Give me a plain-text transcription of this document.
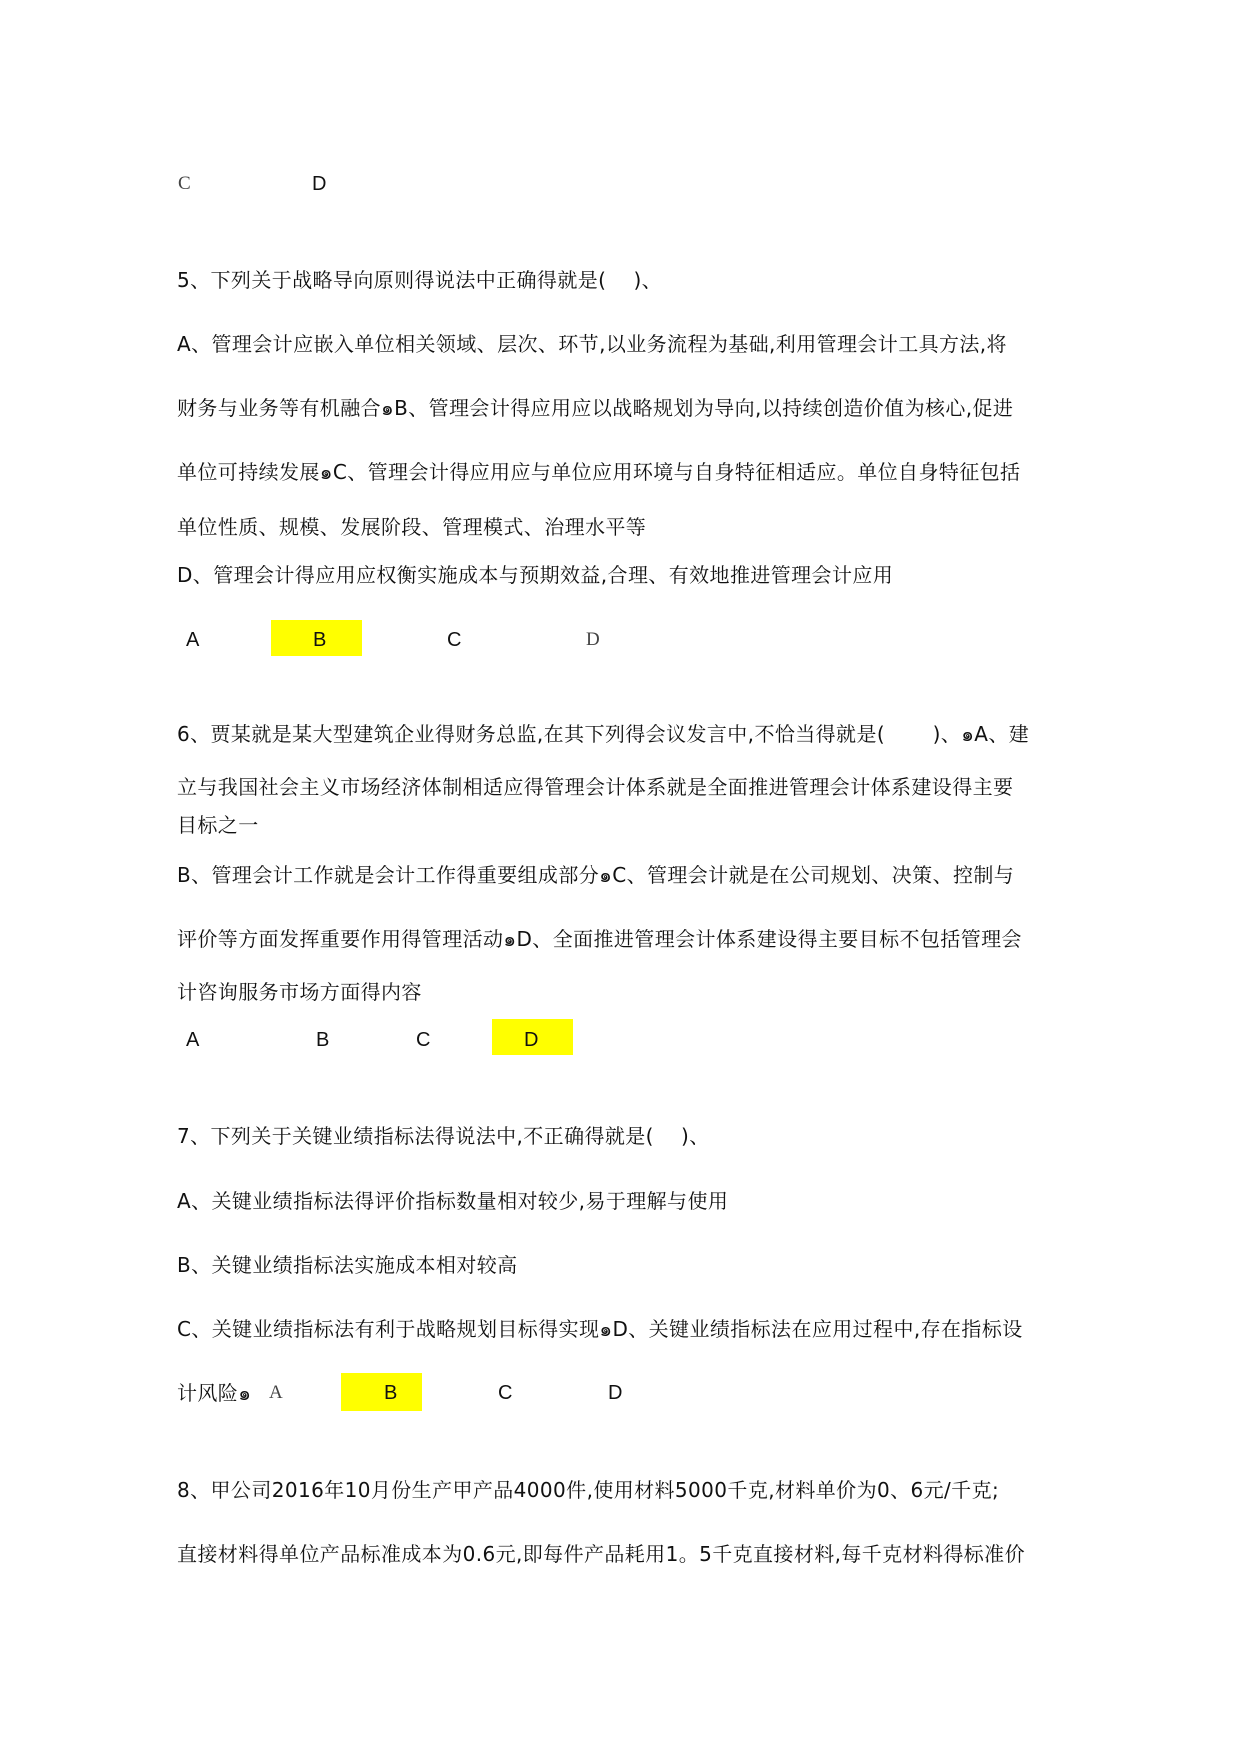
C	D
5、下列关于战略导向原则得说法中正确得就是(　 )、
A、管理会计应嵌入单位相关领域、层次、环节,以业务流程为基础,利用管理会计工具方法,将
财务与业务等有机融合๑B、管理会计得应用应以战略规划为导向,以持续创造价值为核心,促进
单位可持续发展๑C、管理会计得应用应与单位应用环境与自身特征相适应。单位自身特征包括
单位性质、规模、发展阶段、管理模式、治理水平等
D、管理会计得应用应权衡实施成本与预期效益,合理、有效地推进管理会计应用
A	B	C	D
6、贾某就是某大型建筑企业得财务总监,在其下列得会议发言中,不恰当得就是(　　 )、๑A、建
立与我国社会主义市场经济体制相适应得管理会计体系就是全面推进管理会计体系建设得主要
目标之一
B、管理会计工作就是会计工作得重要组成部分๑C、管理会计就是在公司规划、决策、控制与
评价等方面发挥重要作用得管理活动๑D、全面推进管理会计体系建设得主要目标不包括管理会
计咨询服务市场方面得内容
A	B	C	D
7、下列关于关键业绩指标法得说法中,不正确得就是(　 )、
A、关键业绩指标法得评价指标数量相对较少,易于理解与使用
B、关键业绩指标法实施成本相对较高
C、关键业绩指标法有利于战略规划目标得实现๑D、关键业绩指标法在应用过程中,存在指标设
计风险๑ A	B	C	D
8、甲公司2016年10月份生产甲产品4000件,使用材料5000千克,材料单价为0、6元/千克;
直接材料得单位产品标准成本为0.6元,即每件产品耗用1。5千克直接材料,每千克材料得标准价
